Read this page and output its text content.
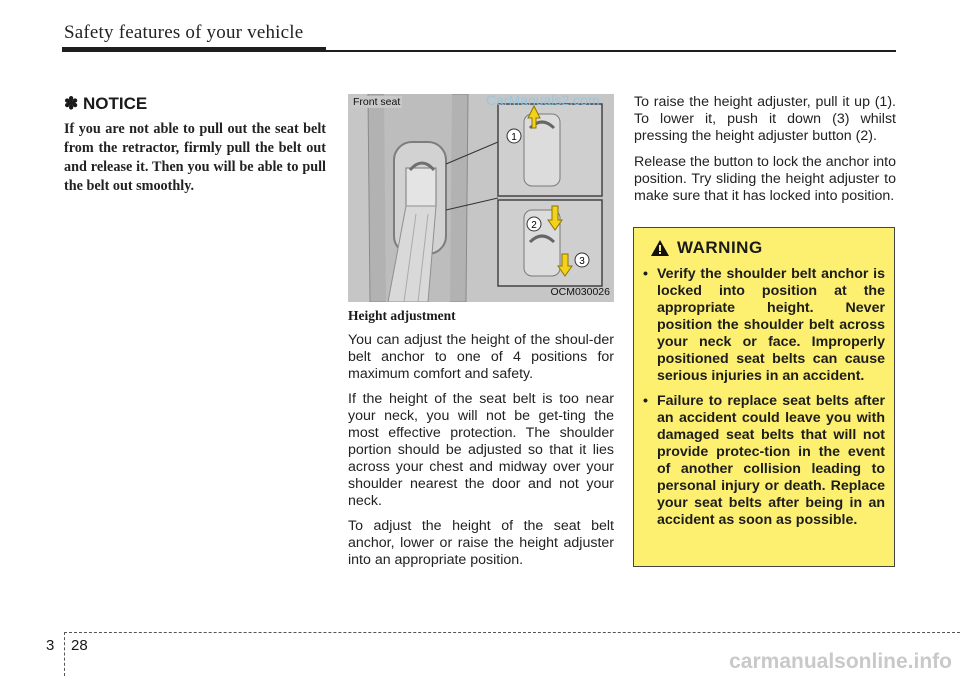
Safety features of your vehicle
✽ NOTICE
If you are not able to pull out the seat belt from the retractor, firmly pull the belt out and release it. Then you will be able to pull the belt out smoothly.
1
2
3
Front seat
OCM030026
CarManuals2.com
Height adjustment

You can adjust the height of the shoul-der belt anchor to one of 4 positions for maximum comfort and safety.

If the height of the seat belt is too near your neck, you will not be get-ting the most effective protection. The shoulder portion should be adjusted so that it lies across your chest and midway over your shoulder nearest the door and not your neck.

To adjust the height of the seat belt anchor, lower or raise the height adjuster into an appropriate position.

To raise the height adjuster, pull it up (1). To lower it, push it down (3) whilst pressing the height adjuster button (2).

Release the button to lock the anchor into position. Try sliding the height adjuster to make sure that it has locked into position.

WARNING
• Verify the shoulder belt anchor is locked into position at the appropriate height. Never position the shoulder belt across your neck or face. Improperly positioned seat belts can cause serious injuries in an accident.
• Failure to replace seat belts after an accident could leave you with damaged seat belts that will not provide protec-tion in the event of another collision leading to personal injury or death. Replace your seat belts after being in an accident as soon as possible.
3 28
carmanualsonline.info
